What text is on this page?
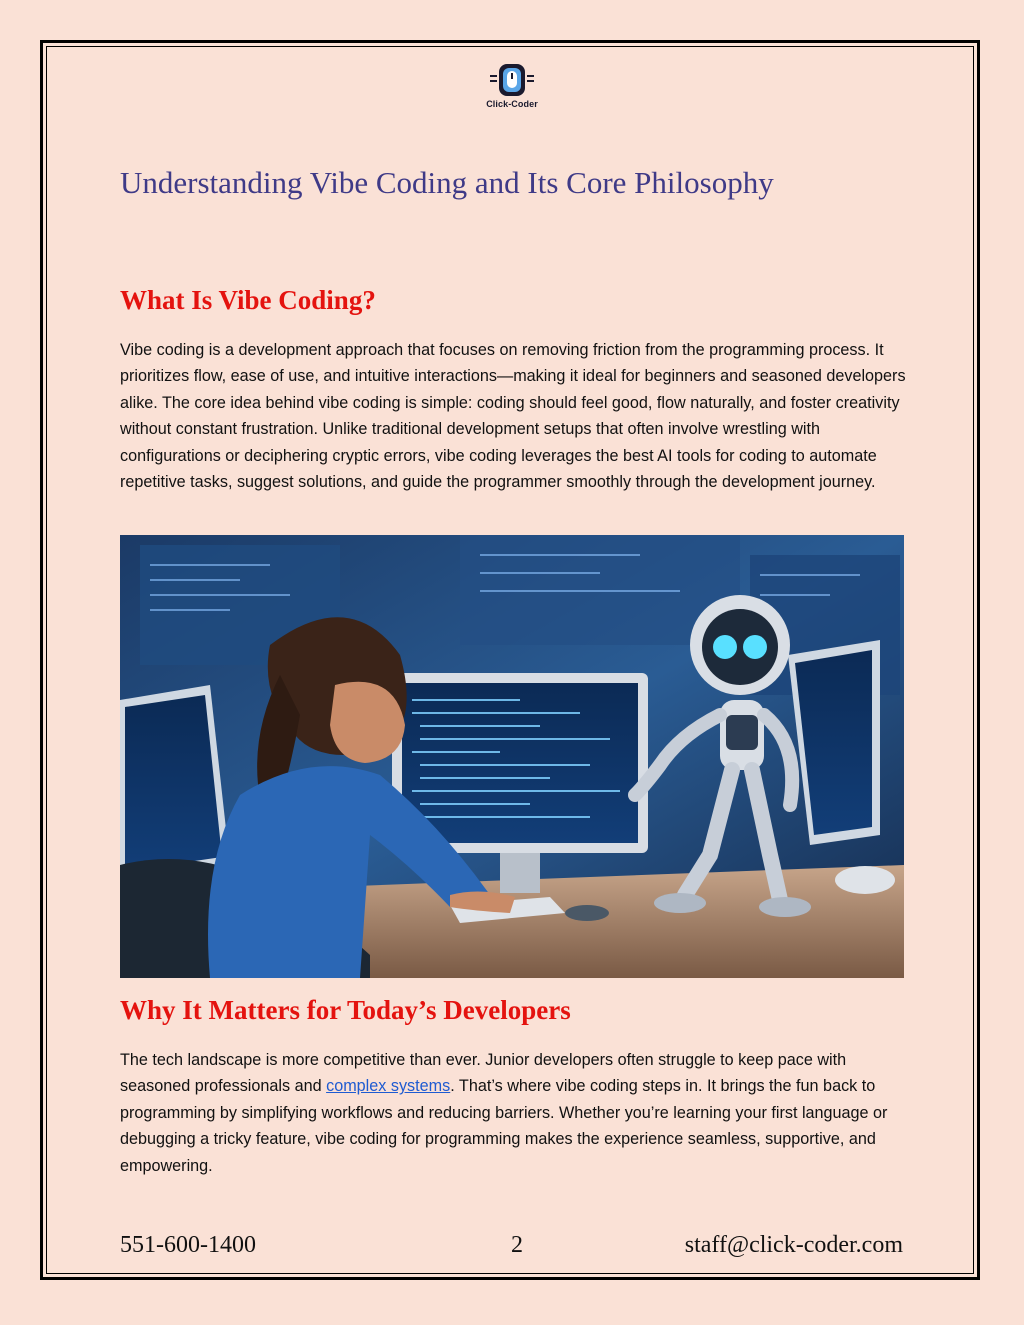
Click-Coder
Understanding Vibe Coding and Its Core Philosophy
What Is Vibe Coding?

Vibe coding is a development approach that focuses on removing friction from the programming process. It prioritizes flow, ease of use, and intuitive interactions—making it ideal for beginners and seasoned developers alike. The core idea behind vibe coding is simple: coding should feel good, flow naturally, and foster creativity without constant frustration. Unlike traditional development setups that often involve wrestling with configurations or deciphering cryptic errors, vibe coding leverages the best AI tools for coding to automate repetitive tasks, suggest solutions, and guide the programmer smoothly through the development journey.

Why It Matters for Today’s Developers

The tech landscape is more competitive than ever. Junior developers often struggle to keep pace with seasoned professionals and complex systems. That’s where vibe coding steps in. It brings the fun back to programming by simplifying workflows and reducing barriers. Whether you’re learning your first language or debugging a tricky feature, vibe coding for programming makes the experience seamless, supportive, and empowering.

551-600-1400	2	staff@click-coder.com
